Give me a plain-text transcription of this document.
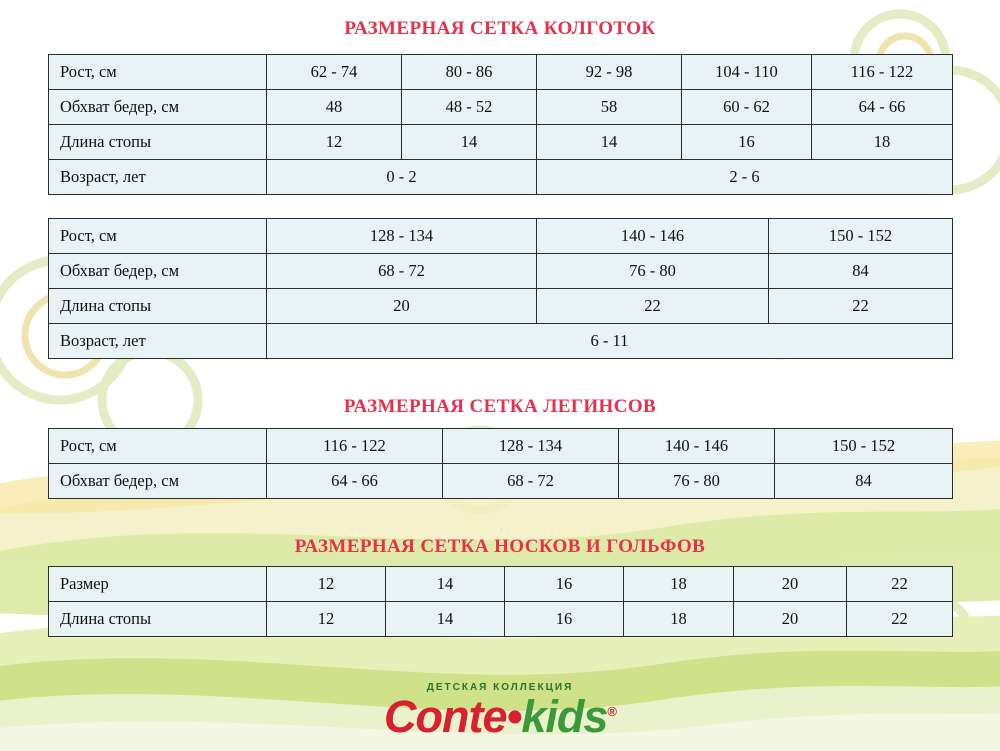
РАЗМЕРНАЯ СЕТКА КОЛГОТОК
Рост, см	62 - 74	80 - 86	92 - 98	104 - 110	116 - 122
Обхват бедер, см	48	48 - 52	58	60 - 62	64 - 66
Длина стопы	12	14	14	16	18
Возраст, лет	0 - 2		2 - 6		
Рост, см	128 - 134	140 - 146	150 - 152
Обхват бедер, см	68 - 72	76 - 80	84
Длина стопы	20	22	22
Возраст, лет	6 - 11		
РАЗМЕРНАЯ СЕТКА ЛЕГИНСОВ
Рост, см	116 - 122	128 - 134	140 - 146	150 - 152
Обхват бедер, см	64 - 66	68 - 72	76 - 80	84
РАЗМЕРНАЯ СЕТКА НОСКОВ И ГОЛЬФОВ
Размер	12	14	16	18	20	22
Длина стопы	12	14	16	18	20	22
ДЕТСКАЯ КОЛЛЕКЦИЯ
Conte•kids®
